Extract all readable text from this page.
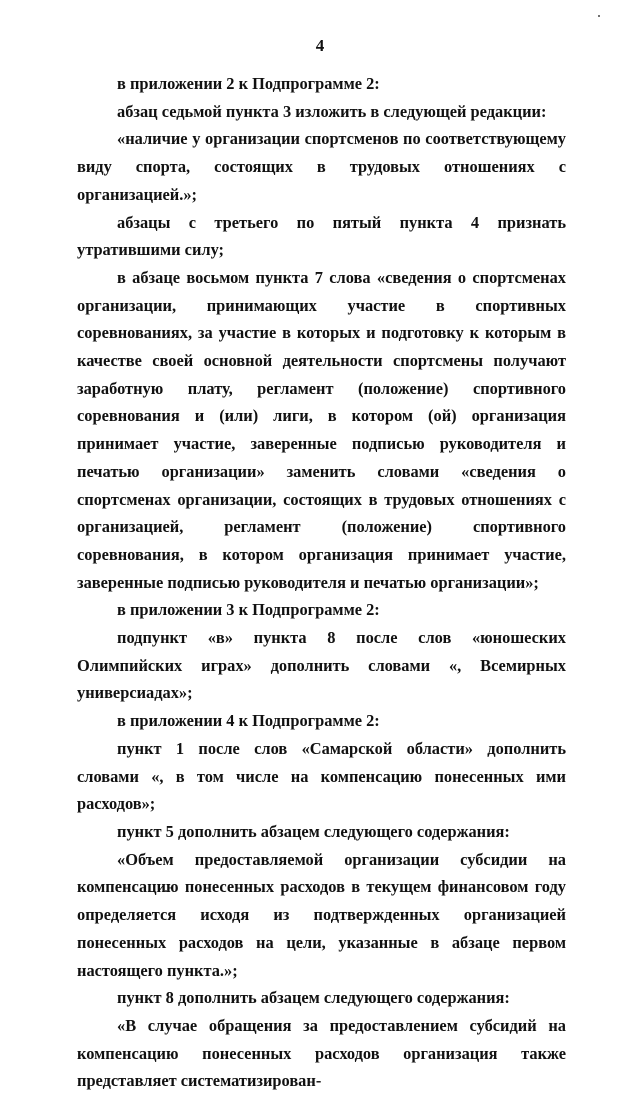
4

в приложении 2 к Подпрограмме 2:

абзац седьмой пункта 3 изложить в следующей редакции:

«наличие у организации спортсменов по соответствующему виду спорта, состоящих в трудовых отношениях с организацией.»;

абзацы с третьего по пятый пункта 4 признать утратившими силу;

в абзаце восьмом пункта 7 слова «сведения о спортсменах организации, принимающих участие в спортивных соревнованиях, за участие в которых и подготовку к которым в качестве своей основной деятельности спортсмены получают заработную плату, регламент (положение) спортивного соревнования и (или) лиги, в котором (ой) организация принимает участие, заверенные подписью руководителя и печатью организации» заменить словами «сведения о спортсменах организации, состоящих в трудовых отношениях с организацией, регламент (положение) спортивного соревнования, в котором организация принимает участие, заверенные подписью руководителя и печатью организации»;

в приложении 3 к Подпрограмме 2:

подпункт «в» пункта 8 после слов «юношеских Олимпийских играх» дополнить словами «, Всемирных универсиадах»;

в приложении 4 к Подпрограмме 2:

пункт 1 после слов «Самарской области» дополнить словами «, в том числе на компенсацию понесенных ими расходов»;

пункт 5 дополнить абзацем следующего содержания:

«Объем предоставляемой организации субсидии на компенсацию понесенных расходов в текущем финансовом году определяется исходя из подтвержденных организацией понесенных расходов на цели, указанные в абзаце первом настоящего пункта.»;

пункт 8 дополнить абзацем следующего содержания:

«В случае обращения за предоставлением субсидий на компенсацию понесенных расходов организация также представляет систематизирован-
